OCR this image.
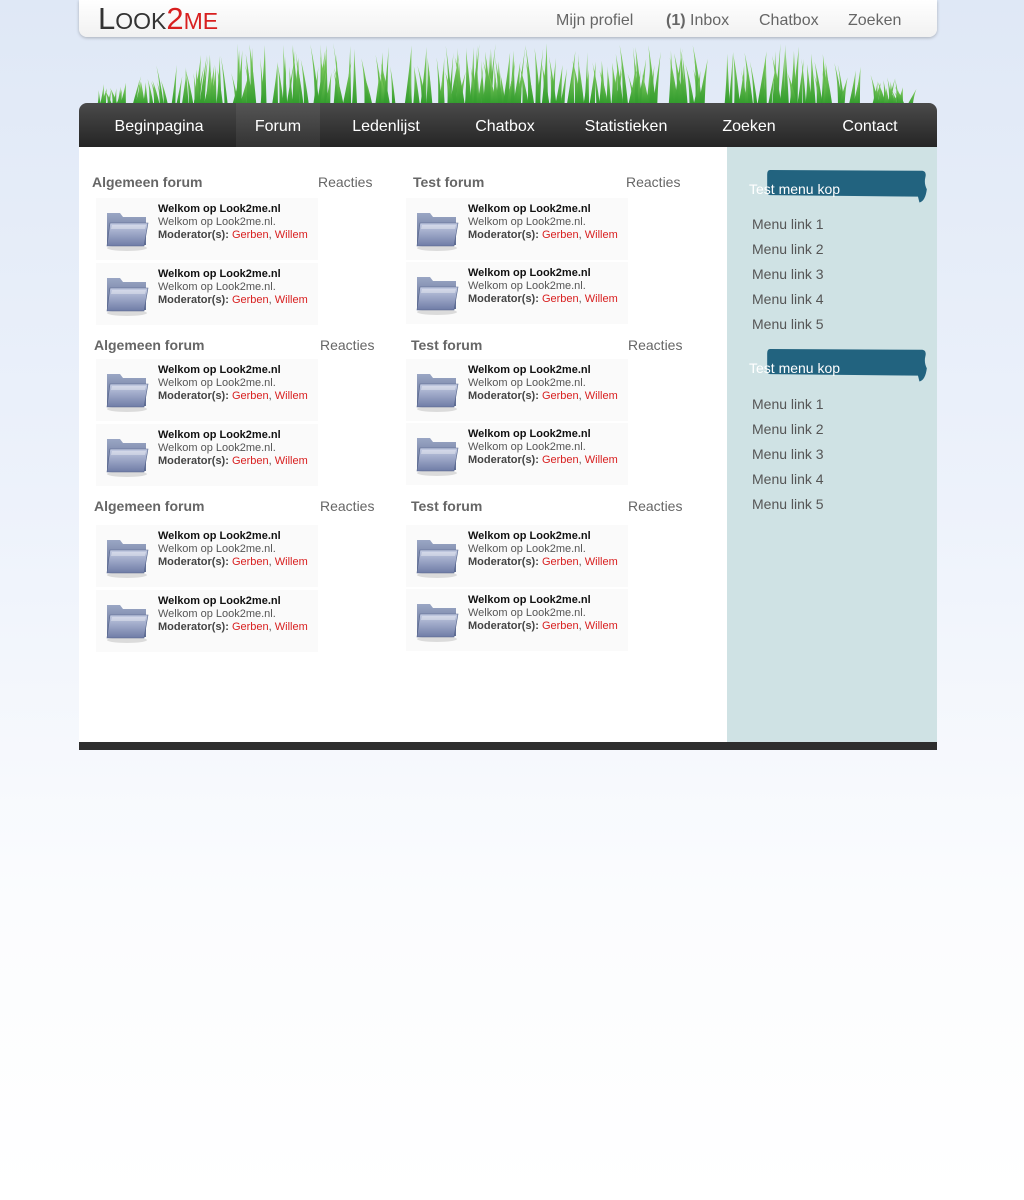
LOOK2ME	Mijn profiel (1) Inbox Chatbox Zoeken
Beginpagina	Forum	Ledenlijst	Chatbox	Statistieken	Zoeken	Contact
Algemeen forum	Reacties	Test forum	Reacties
Algemeen forum	Reacties	Test forum	Reacties
Algemeen forum	Reacties	Test forum	Reacties
Welkom op Look2me.nl
Welkom op Look2me.nl.
Moderator(s): Gerben, Willem
Welkom op Look2me.nl
Welkom op Look2me.nl.
Moderator(s): Gerben, Willem
Welkom op Look2me.nl
Welkom op Look2me.nl.
Moderator(s): Gerben, Willem
Welkom op Look2me.nl
Welkom op Look2me.nl.
Moderator(s): Gerben, Willem
Welkom op Look2me.nl
Welkom op Look2me.nl.
Moderator(s): Gerben, Willem
Welkom op Look2me.nl
Welkom op Look2me.nl.
Moderator(s): Gerben, Willem
Welkom op Look2me.nl
Welkom op Look2me.nl.
Moderator(s): Gerben, Willem
Welkom op Look2me.nl
Welkom op Look2me.nl.
Moderator(s): Gerben, Willem
Welkom op Look2me.nl
Welkom op Look2me.nl.
Moderator(s): Gerben, Willem
Welkom op Look2me.nl
Welkom op Look2me.nl.
Moderator(s): Gerben, Willem
Welkom op Look2me.nl
Welkom op Look2me.nl.
Moderator(s): Gerben, Willem
Welkom op Look2me.nl
Welkom op Look2me.nl.
Moderator(s): Gerben, Willem
Test menu kop
Menu link 1
Menu link 2
Menu link 3
Menu link 4
Menu link 5
Test menu kop
Menu link 1
Menu link 2
Menu link 3
Menu link 4
Menu link 5
